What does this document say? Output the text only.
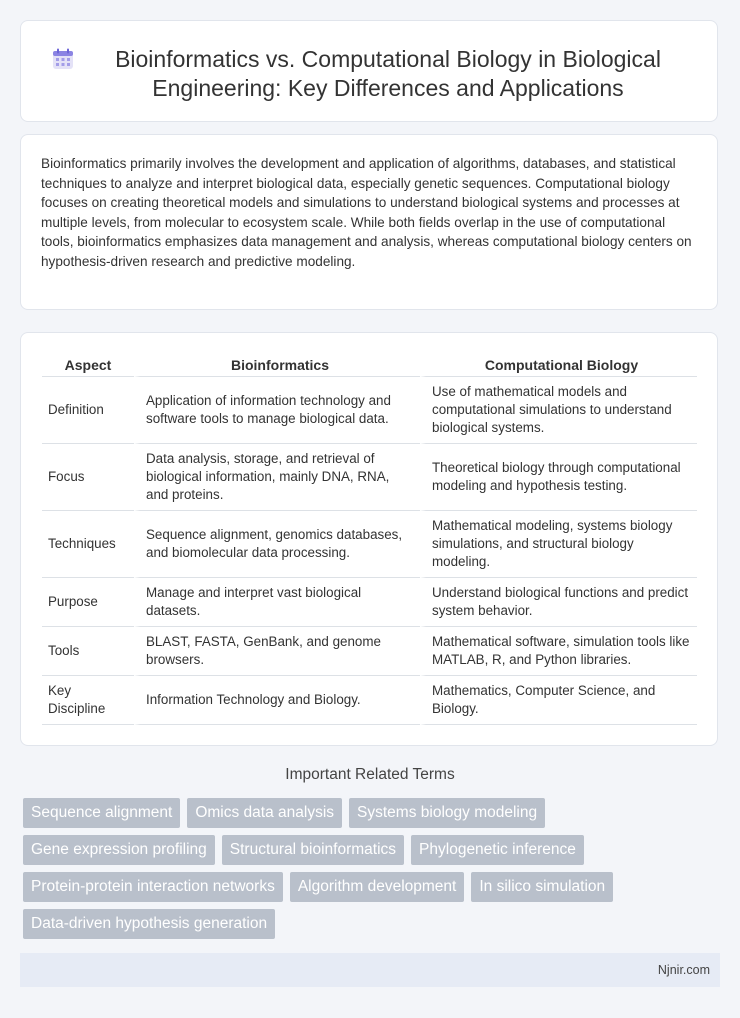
Bioinformatics vs. Computational Biology in Biological Engineering: Key Differences and Applications

Bioinformatics primarily involves the development and application of algorithms, databases, and statistical techniques to analyze and interpret biological data, especially genetic sequences. Computational biology focuses on creating theoretical models and simulations to understand biological systems and processes at multiple levels, from molecular to ecosystem scale. While both fields overlap in the use of computational tools, bioinformatics emphasizes data management and analysis, whereas computational biology centers on hypothesis-driven research and predictive modeling.

Aspect	Bioinformatics	Computational Biology
Definition	Application of information technology and software tools to manage biological data.	Use of mathematical models and computational simulations to understand biological systems.
Focus	Data analysis, storage, and retrieval of biological information, mainly DNA, RNA, and proteins.	Theoretical biology through computational modeling and hypothesis testing.
Techniques	Sequence alignment, genomics databases, and biomolecular data processing.	Mathematical modeling, systems biology simulations, and structural biology modeling.
Purpose	Manage and interpret vast biological datasets.	Understand biological functions and predict system behavior.
Tools	BLAST, FASTA, GenBank, and genome browsers.	Mathematical software, simulation tools like MATLAB, R, and Python libraries.
Key Discipline	Information Technology and Biology.	Mathematics, Computer Science, and Biology.
Important Related Terms
Sequence alignment	Omics data analysis	Systems biology modeling
Gene expression profiling	Structural bioinformatics	Phylogenetic inference
Protein-protein interaction networks	Algorithm development	In silico simulation
Data-driven hypothesis generation
Njnir.com
